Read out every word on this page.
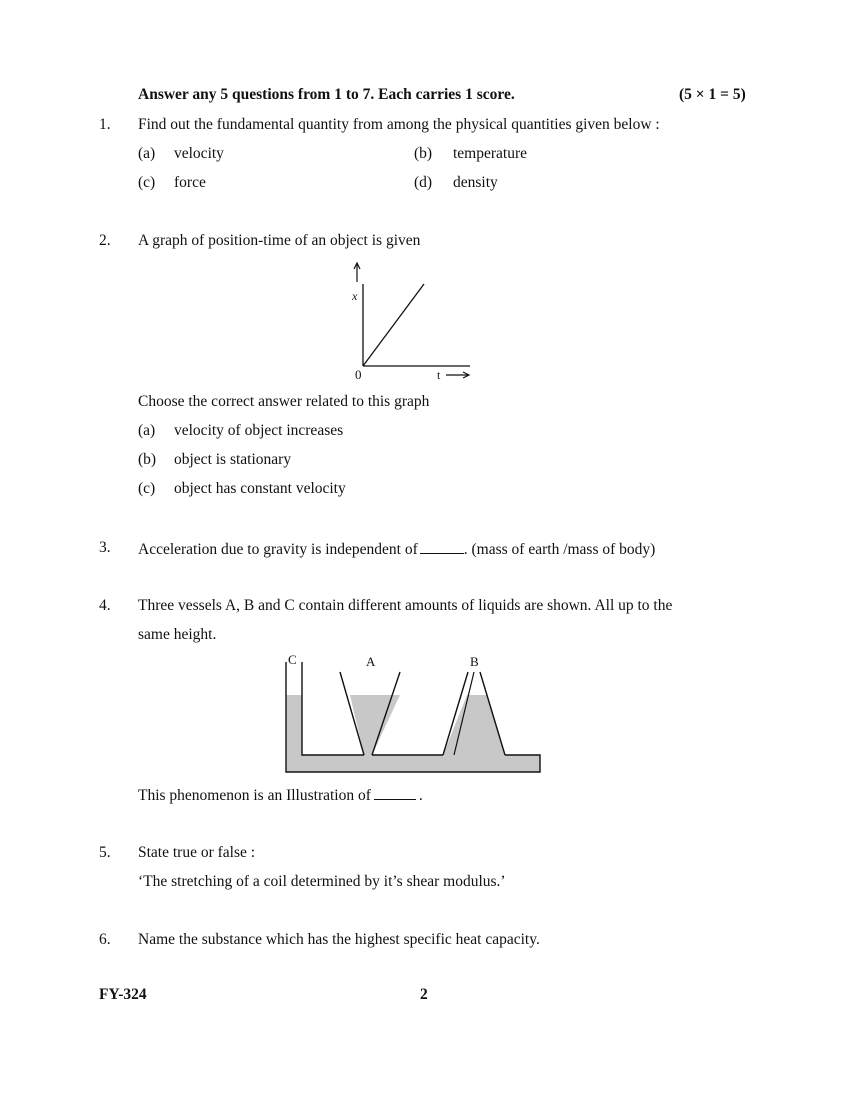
Answer any 5 questions from 1 to 7. Each carries 1 score.	(5 × 1 = 5)
1. Find out the fundamental quantity from among the physical quantities given below :
(a) velocity	(b) temperature
(c) force	(d) density
2. A graph of position-time of an object is given
x
0	t
Choose the correct answer related to this graph
(a) velocity of object increases
(b) object is stationary
(c) object has constant velocity
3. Acceleration due to gravity is independent of	. (mass of earth /mass of body)
4. Three vessels A, B and C contain different amounts of liquids are shown. All up to the
same height.
C	A	B
This phenomenon is an Illustration of	.
5. State true or false :
‘The stretching of a coil determined by it’s shear modulus.’
6. Name the substance which has the highest specific heat capacity.
FY-324	2
